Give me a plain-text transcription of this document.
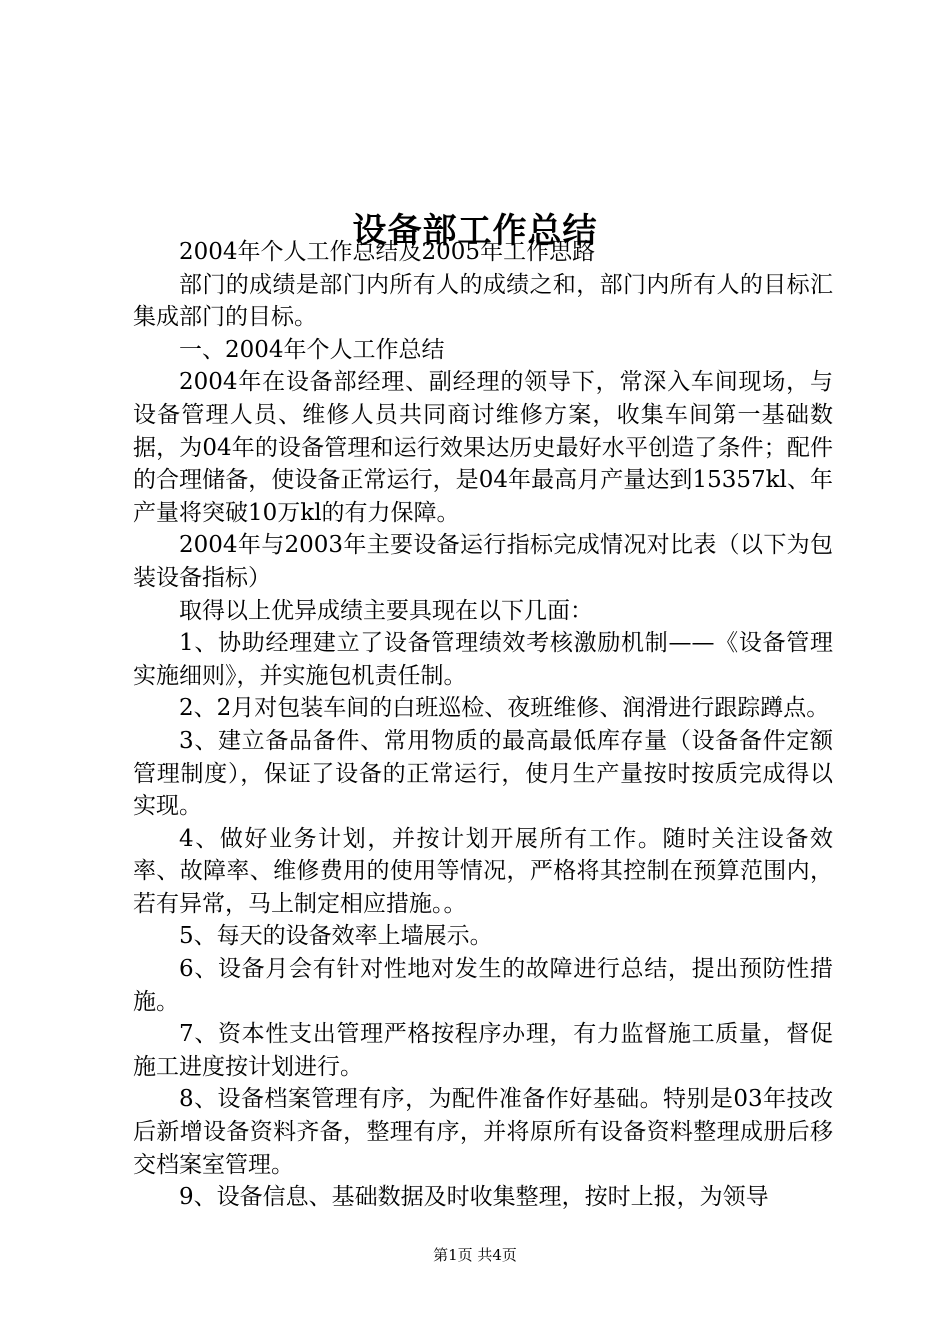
设备部工作总结

2004年个人工作总结及2005年工作思路

部门的成绩是部门内所有人的成绩之和，部门内所有人的目标汇集成部门的目标。

一、2004年个人工作总结

2004年在设备部经理、副经理的领导下，常深入车间现场，与设备管理人员、维修人员共同商讨维修方案，收集车间第一基础数据，为04年的设备管理和运行效果达历史最好水平创造了条件；配件的合理储备，使设备正常运行，是04年最高月产量达到15357kl、年产量将突破10万kl的有力保障。

2004年与2003年主要设备运行指标完成情况对比表（以下为包装设备指标）

取得以上优异成绩主要具现在以下几面：

1、协助经理建立了设备管理绩效考核激励机制——《设备管理实施细则》，并实施包机责任制。

2、2月对包装车间的白班巡检、夜班维修、润滑进行跟踪蹲点。

3、建立备品备件、常用物质的最高最低库存量（设备备件定额管理制度），保证了设备的正常运行，使月生产量按时按质完成得以实现。

4、做好业务计划，并按计划开展所有工作。随时关注设备效率、故障率、维修费用的使用等情况，严格将其控制在预算范围内，若有异常，马上制定相应措施。。

5、每天的设备效率上墙展示。

6、设备月会有针对性地对发生的故障进行总结，提出预防性措施。

7、资本性支出管理严格按程序办理，有力监督施工质量，督促施工进度按计划进行。

8、设备档案管理有序，为配件准备作好基础。特别是03年技改后新增设备资料齐备，整理有序，并将原所有设备资料整理成册后移交档案室管理。

9、设备信息、基础数据及时收集整理，按时上报，为领导

第1页 共4页
